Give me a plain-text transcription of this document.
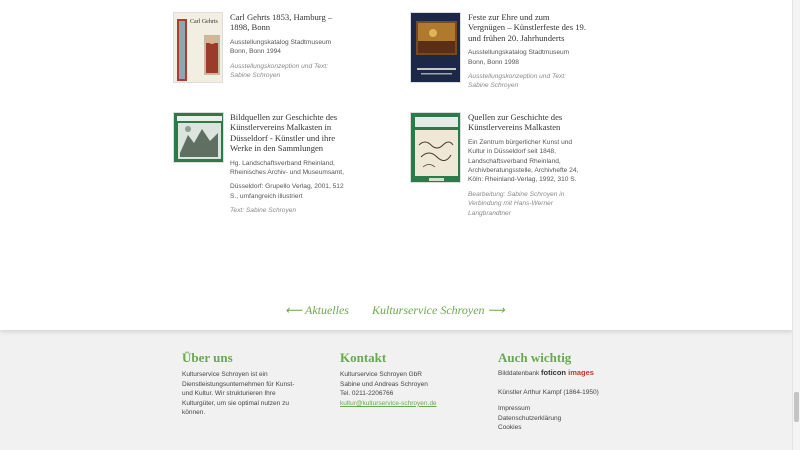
Carl Gehrts Carl Gehrts 1853, Hamburg – 1898, Bonn

Ausstellungskatalog Stadtmuseum Bonn, Bonn 1994

Ausstellungskonzeption und Text: Sabine Schroyen

Feste zur Ehre und zum Vergnügen – Künstlerfeste des 19. und frühen 20. Jahrhunderts

Ausstellungskatalog Stadtmuseum Bonn, Bonn 1998

Ausstellungskonzeption und Text: Sabine Schroyen

Bildquellen zur Geschichte des Künstlervereins Malkasten in Düsseldorf - Künstler und ihre Werke in den Sammlungen

Hg. Landschaftsverband Rheinland, Rheinisches Archiv- und Museumsamt,

Düsseldorf: Grupello Verlag, 2001, 512 S., umfangreich illustriert

Text: Sabine Schroyen

Quellen zur Geschichte des Künstlervereins Malkasten

Ein Zentrum bürgerlicher Kunst und Kultur in Düsseldorf seit 1848, Landschaftsverband Rheinland, Archivberatungsstelle, Archivhefte 24, Köln: Rheinland-Verlag, 1992, 310 S.

Bearbeitung: Sabine Schroyen in Verbindung mit Hans-Werner Langbrandtner

⟵ Aktuelles Kulturservice Schroyen ⟶
Über uns
Kulturservice Schroyen ist ein Dienstleistungsunternehmen für Kunst- und Kultur. Wir strukturieren Ihre Kulturgüter, um sie optimal nutzen zu können.
Kontakt
Kulturservice Schroyen GbR
Sabine und Andreas Schroyen
Tel. 0211-2206766
kultur@kulturservice-schroyen.de
Auch wichtig
Bilddatenbank foticon images
Künstler Arthur Kampf (1864-1950)
Impressum
Datenschutzerklärung
Cookies
